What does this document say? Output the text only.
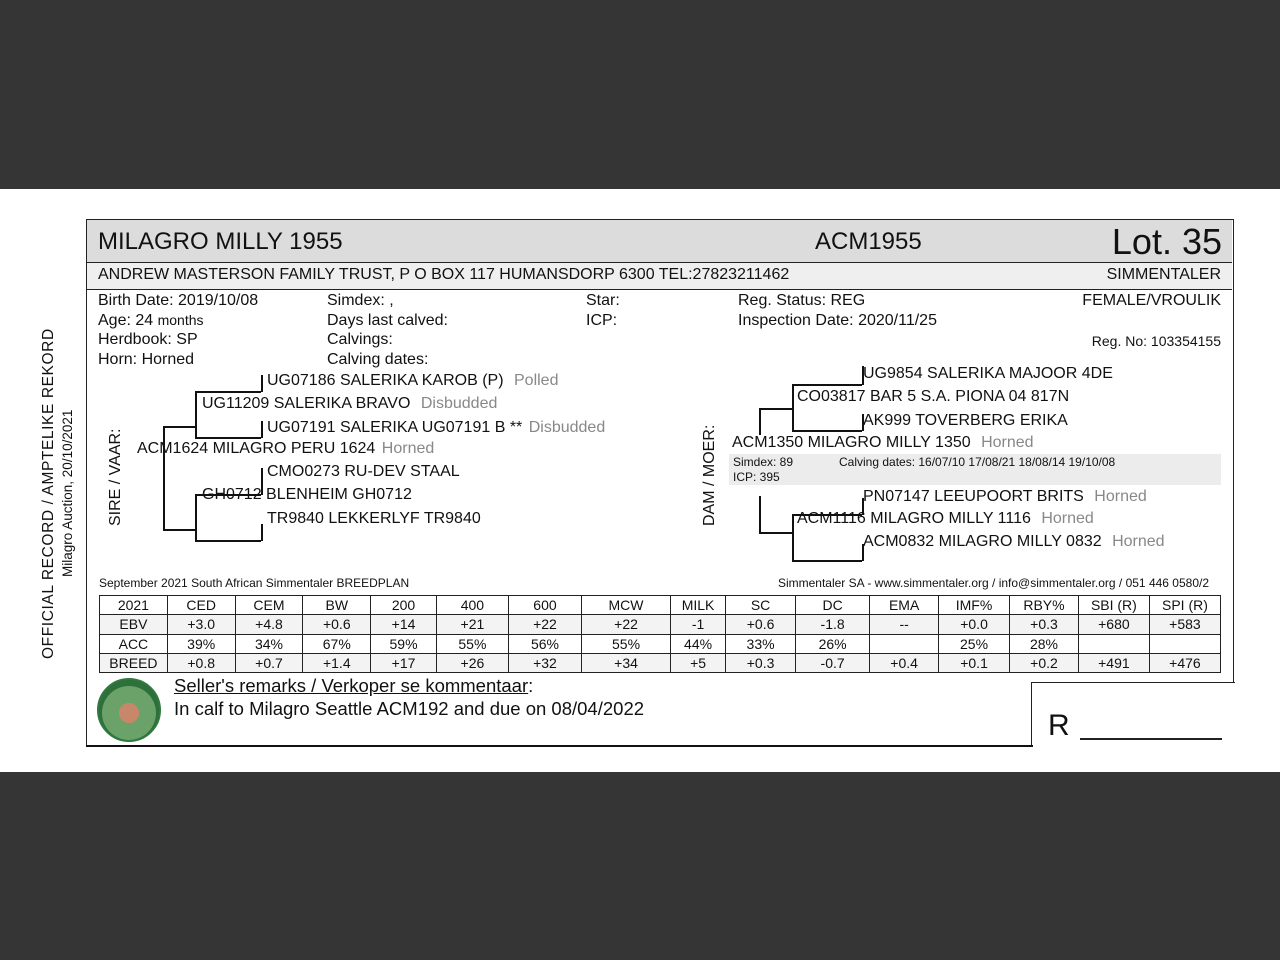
OFFICIAL RECORD / AMPTELIKE REKORD Milagro Auction, 20/10/2021
MILAGRO MILLY 1955	ACM1955	Lot. 35
ANDREW MASTERSON FAMILY TRUST, P O BOX 117 HUMANSDORP 6300 TEL:27823211462	SIMMENTALER
Birth Date: 2019/10/08
Age: 24 months
Herdbook: SP
Horn: Horned
Simdex: ,
Days last calved:
Calvings:
Calving dates:
Star:
ICP:
Reg. Status: REG
Inspection Date: 2020/11/25
FEMALE/VROULIK
Reg. No: 103354155
SIRE / VAAR:
UG07186 SALERIKA KAROB (P) Polled
UG11209 SALERIKA BRAVO Disbudded
UG07191 SALERIKA UG07191 B ** Disbudded
ACM1624 MILAGRO PERU 1624 Horned
CMO0273 RU-DEV STAAL
GH0712 BLENHEIM GH0712
TR9840 LEKKERLYF TR9840	DAM / MOER:
UG9854 SALERIKA MAJOOR 4DE
CO03817 BAR 5 S.A. PIONA 04 817N
AK999 TOVERBERG ERIKA
ACM1350 MILAGRO MILLY 1350 Horned
Simdex: 89	Calving dates: 16/07/10 17/08/21 18/08/14 19/10/08
ICP: 395
PN07147 LEEUPOORT BRITS Horned
ACM1116 MILAGRO MILLY 1116 Horned
ACM0832 MILAGRO MILLY 0832 Horned
September 2021 South African Simmentaler BREEDPLAN	Simmentaler SA - www.simmentaler.org / info@simmentaler.org / 051 446 0580/2
2021	CED	CEM	BW	200	400	600	MCW	MILK	SC	DC	EMA	IMF%	RBY%	SBI (R)	SPI (R)
EBV	+3.0	+4.8	+0.6	+14	+21	+22	+22	-1	+0.6	-1.8	--	+0.0	+0.3	+680	+583
ACC	39%	34%	67%	59%	55%	56%	55%	44%	33%	26%		25%	28%		
BREED	+0.8	+0.7	+1.4	+17	+26	+32	+34	+5	+0.3	-0.7	+0.4	+0.1	+0.2	+491	+476
Seller's remarks / Verkoper se kommentaar:
In calf to Milagro Seattle ACM192 and due on 08/04/2022
R
